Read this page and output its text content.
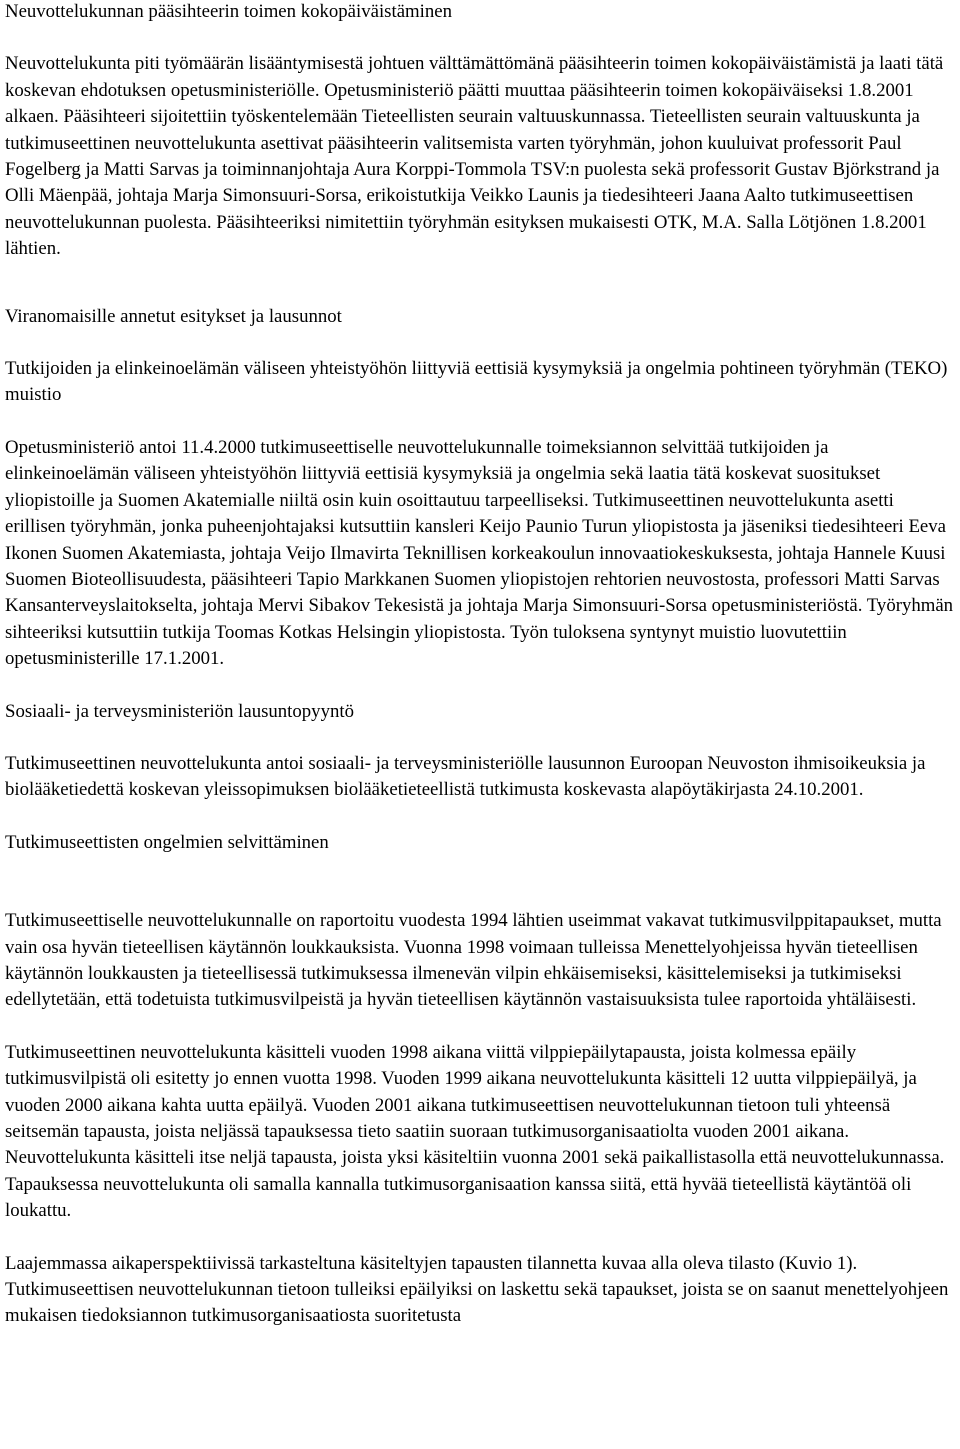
Neuvottelukunnan pääsihteerin toimen kokopäiväistäminen

Neuvottelukunta piti työmäärän lisääntymisestä johtuen välttämättömänä pääsihteerin toimen kokopäiväistämistä ja laati tätä koskevan ehdotuksen opetusministeriölle. Opetusministeriö päätti muuttaa pääsihteerin toimen kokopäiväiseksi 1.8.2001 alkaen. Pääsihteeri sijoitettiin työskentelemään Tieteellisten seurain valtuuskunnassa. Tieteellisten seurain valtuuskunta ja tutkimuseettinen neuvottelukunta asettivat pääsihteerin valitsemista varten työryhmän, johon kuuluivat professorit Paul Fogelberg ja Matti Sarvas ja toiminnanjohtaja Aura Korppi-Tommola TSV:n puolesta sekä professorit Gustav Björkstrand ja Olli Mäenpää, johtaja Marja Simonsuuri-Sorsa, erikoistutkija Veikko Launis ja tiedesihteeri Jaana Aalto tutkimuseettisen neuvottelukunnan puolesta. Pääsihteeriksi nimitettiin työryhmän esityksen mukaisesti OTK, M.A. Salla Lötjönen 1.8.2001 lähtien.

Viranomaisille annetut esitykset ja lausunnot

Tutkijoiden ja elinkeinoelämän väliseen yhteistyöhön liittyviä eettisiä kysymyksiä ja ongelmia pohtineen työryhmän (TEKO) muistio

Opetusministeriö antoi 11.4.2000 tutkimuseettiselle neuvottelukunnalle toimeksiannon selvittää tutkijoiden ja elinkeinoelämän väliseen yhteistyöhön liittyviä eettisiä kysymyksiä ja ongelmia sekä laatia tätä koskevat suositukset yliopistoille ja Suomen Akatemialle niiltä osin kuin osoittautuu tarpeelliseksi. Tutkimuseettinen neuvottelukunta asetti erillisen työryhmän, jonka puheenjohtajaksi kutsuttiin kansleri Keijo Paunio Turun yliopistosta ja jäseniksi tiedesihteeri Eeva Ikonen Suomen Akatemiasta, johtaja Veijo Ilmavirta Teknillisen korkeakoulun innovaatiokeskuksesta, johtaja Hannele Kuusi Suomen Bioteollisuudesta, pääsihteeri Tapio Markkanen Suomen yliopistojen rehtorien neuvostosta, professori Matti Sarvas Kansanterveyslaitokselta, johtaja Mervi Sibakov Tekesistä ja johtaja Marja Simonsuuri-Sorsa opetusministeriöstä. Työryhmän sihteeriksi kutsuttiin tutkija Toomas Kotkas Helsingin yliopistosta. Työn tuloksena syntynyt muistio luovutettiin opetusministerille 17.1.2001.

Sosiaali- ja terveysministeriön lausuntopyyntö

Tutkimuseettinen neuvottelukunta antoi sosiaali- ja terveysministeriölle lausunnon Euroopan Neuvoston ihmisoikeuksia ja biolääketiedettä koskevan yleissopimuksen biolääketieteellistä tutkimusta koskevasta alapöytäkirjasta 24.10.2001.

Tutkimuseettisten ongelmien selvittäminen

Tutkimuseettiselle neuvottelukunnalle on raportoitu vuodesta 1994 lähtien useimmat vakavat tutkimusvilppitapaukset, mutta vain osa hyvän tieteellisen käytännön loukkauksista. Vuonna 1998 voimaan tulleissa Menettelyohjeissa hyvän tieteellisen käytännön loukkausten ja tieteellisessä tutkimuksessa ilmenevän vilpin ehkäisemiseksi, käsittelemiseksi ja tutkimiseksi edellytetään, että todetuista tutkimusvilpeistä ja hyvän tieteellisen käytännön vastaisuuksista tulee raportoida yhtäläisesti.

Tutkimuseettinen neuvottelukunta käsitteli vuoden 1998 aikana viittä vilppiepäilytapausta, joista kolmessa epäily tutkimusvilpistä oli esitetty jo ennen vuotta 1998. Vuoden 1999 aikana neuvottelukunta käsitteli 12 uutta vilppiepäilyä, ja vuoden 2000 aikana kahta uutta epäilyä. Vuoden 2001 aikana tutkimuseettisen neuvottelukunnan tietoon tuli yhteensä seitsemän tapausta, joista neljässä tapauksessa tieto saatiin suoraan tutkimusorganisaatiolta vuoden 2001 aikana. Neuvottelukunta käsitteli itse neljä tapausta, joista yksi käsiteltiin vuonna 2001 sekä paikallistasolla että neuvottelukunnassa. Tapauksessa neuvottelukunta oli samalla kannalla tutkimusorganisaation kanssa siitä, että hyvää tieteellistä käytäntöä oli loukattu.

Laajemmassa aikaperspektiivissä tarkasteltuna käsiteltyjen tapausten tilannetta kuvaa alla oleva tilasto (Kuvio 1). Tutkimuseettisen neuvottelukunnan tietoon tulleiksi epäilyiksi on laskettu sekä tapaukset, joista se on saanut menettelyohjeen mukaisen tiedoksiannon tutkimusorganisaatiosta suoritetusta
